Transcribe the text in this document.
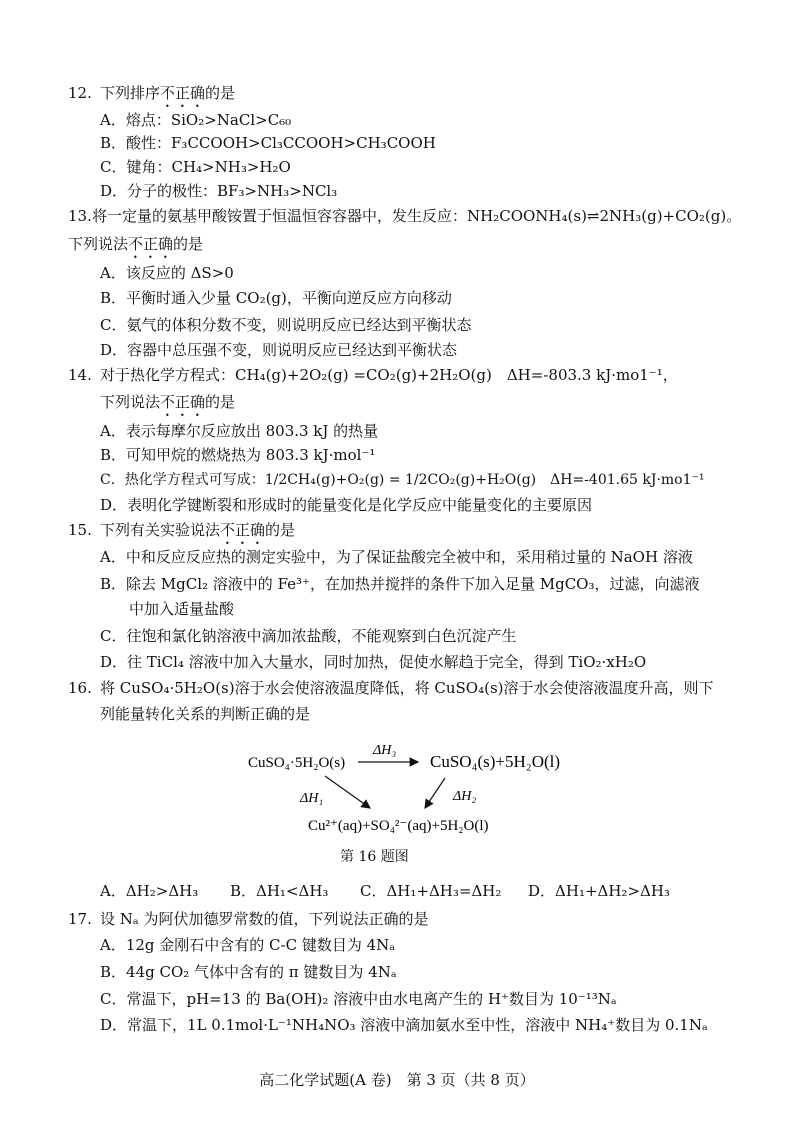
12. 下列排序不正确的是
A．熔点：SiO₂>NaCl>C₆₀
B．酸性：F₃CCOOH>Cl₃CCOOH>CH₃COOH
C．键角：CH₄>NH₃>H₂O
D．分子的极性：BF₃>NH₃>NCl₃
13.将一定量的氨基甲酸铵置于恒温恒容容器中，发生反应：NH₂COONH₄(s)⇌2NH₃(g)+CO₂(g)。
下列说法不正确的是
A．该反应的 ΔS>0
B．平衡时通入少量 CO₂(g)，平衡向逆反应方向移动
C．氨气的体积分数不变，则说明反应已经达到平衡状态
D．容器中总压强不变，则说明反应已经达到平衡状态
14. 对于热化学方程式：CH₄(g)+2O₂(g) =CO₂(g)+2H₂O(g)　ΔH=-803.3 kJ·mo1⁻¹，
下列说法不正确的是
A．表示每摩尔反应放出 803.3 kJ 的热量
B．可知甲烷的燃烧热为 803.3 kJ·mol⁻¹
C．热化学方程式可写成：1/2CH₄(g)+O₂(g) = 1/2CO₂(g)+H₂O(g)　ΔH=-401.65 kJ·mo1⁻¹
D．表明化学键断裂和形成时的能量变化是化学反应中能量变化的主要原因
15. 下列有关实验说法不正确的是
A．中和反应反应热的测定实验中，为了保证盐酸完全被中和，采用稍过量的 NaOH 溶液
B．除去 MgCl₂ 溶液中的 Fe³⁺，在加热并搅拌的条件下加入足量 MgCO₃，过滤，向滤液
中加入适量盐酸
C．往饱和氯化钠溶液中滴加浓盐酸，不能观察到白色沉淀产生
D．往 TiCl₄ 溶液中加入大量水，同时加热，促使水解趋于完全，得到 TiO₂·xH₂O
16. 将 CuSO₄·5H₂O(s)溶于水会使溶液温度降低，将 CuSO₄(s)溶于水会使溶液温度升高，则下
列能量转化关系的判断正确的是
CuSO₄·5H₂O(s)	CuSO₄(s)+5H₂O(l)
Cu²⁺(aq)+SO₄²⁻(aq)+5H₂O(l)
ΔH₃
ΔH₁	ΔH₂
第 16 题图
A．ΔH₂>ΔH₃ B．ΔH₁<ΔH₃ C．ΔH₁+ΔH₃=ΔH₂ D．ΔH₁+ΔH₂>ΔH₃
17. 设 Nₐ 为阿伏加德罗常数的值，下列说法正确的是
A．12g 金刚石中含有的 C-C 键数目为 4Nₐ
B．44g CO₂ 气体中含有的 π 键数目为 4Nₐ
C．常温下，pH=13 的 Ba(OH)₂ 溶液中由水电离产生的 H⁺数目为 10⁻¹³Nₐ
D．常温下，1L 0.1mol·L⁻¹NH₄NO₃ 溶液中滴加氨水至中性，溶液中 NH₄⁺数目为 0.1Nₐ
高二化学试题(A 卷)　第 3 页（共 8 页）
